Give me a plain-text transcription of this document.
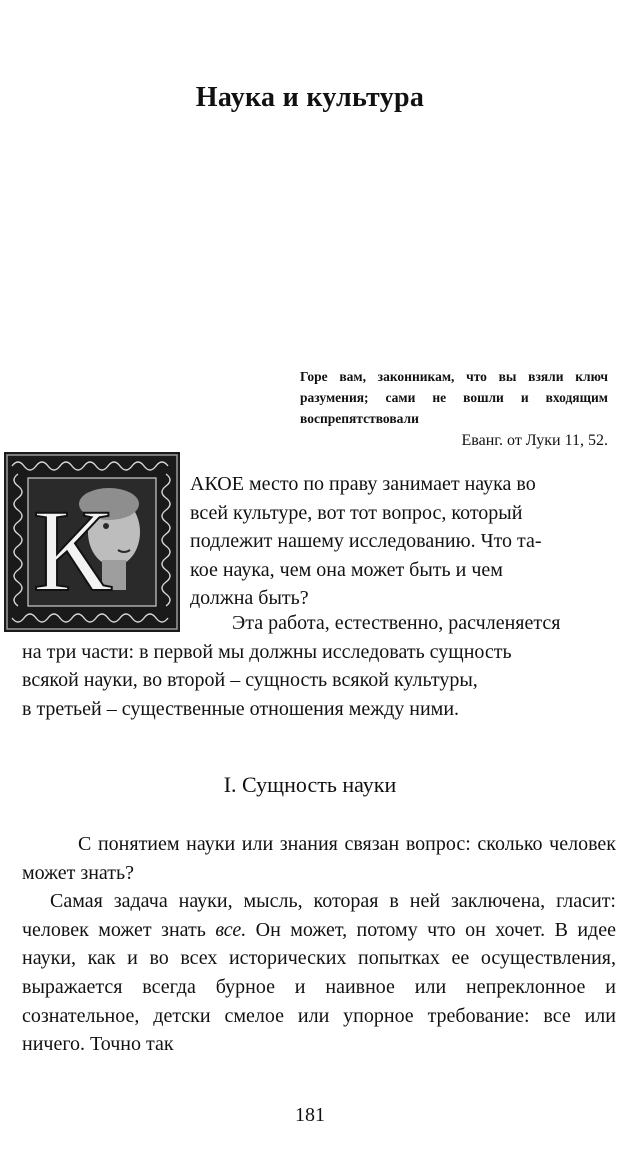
Наука и культура
Горе вам, законникам, что вы взяли ключ разумения; сами не вошли и входящим воспрепятствовали
Еванг. от Луки 11, 52.
К
АКОЕ место по праву занимает наука во
всей культуре, вот тот вопрос, который
подлежит нашему исследованию. Что та-
кое наука, чем она может быть и чем
должна быть?
Эта работа, естественно, расчленяется
на три части: в первой мы должны исследовать сущность
всякой науки, во второй – сущность всякой культуры,
в третьей – существенные отношения между ними.
I. Сущность науки
С понятием науки или знания связан вопрос: сколько человек может знать?
Самая задача науки, мысль, которая в ней заключена, гласит: человек может знать все. Он может, потому что он хочет. В идее науки, как и во всех исторических попытках ее осуществления, выражается всегда бурное и наивное или непреклонное и сознательное, детски смелое или упорное требование: все или ничего. Точно так
181
